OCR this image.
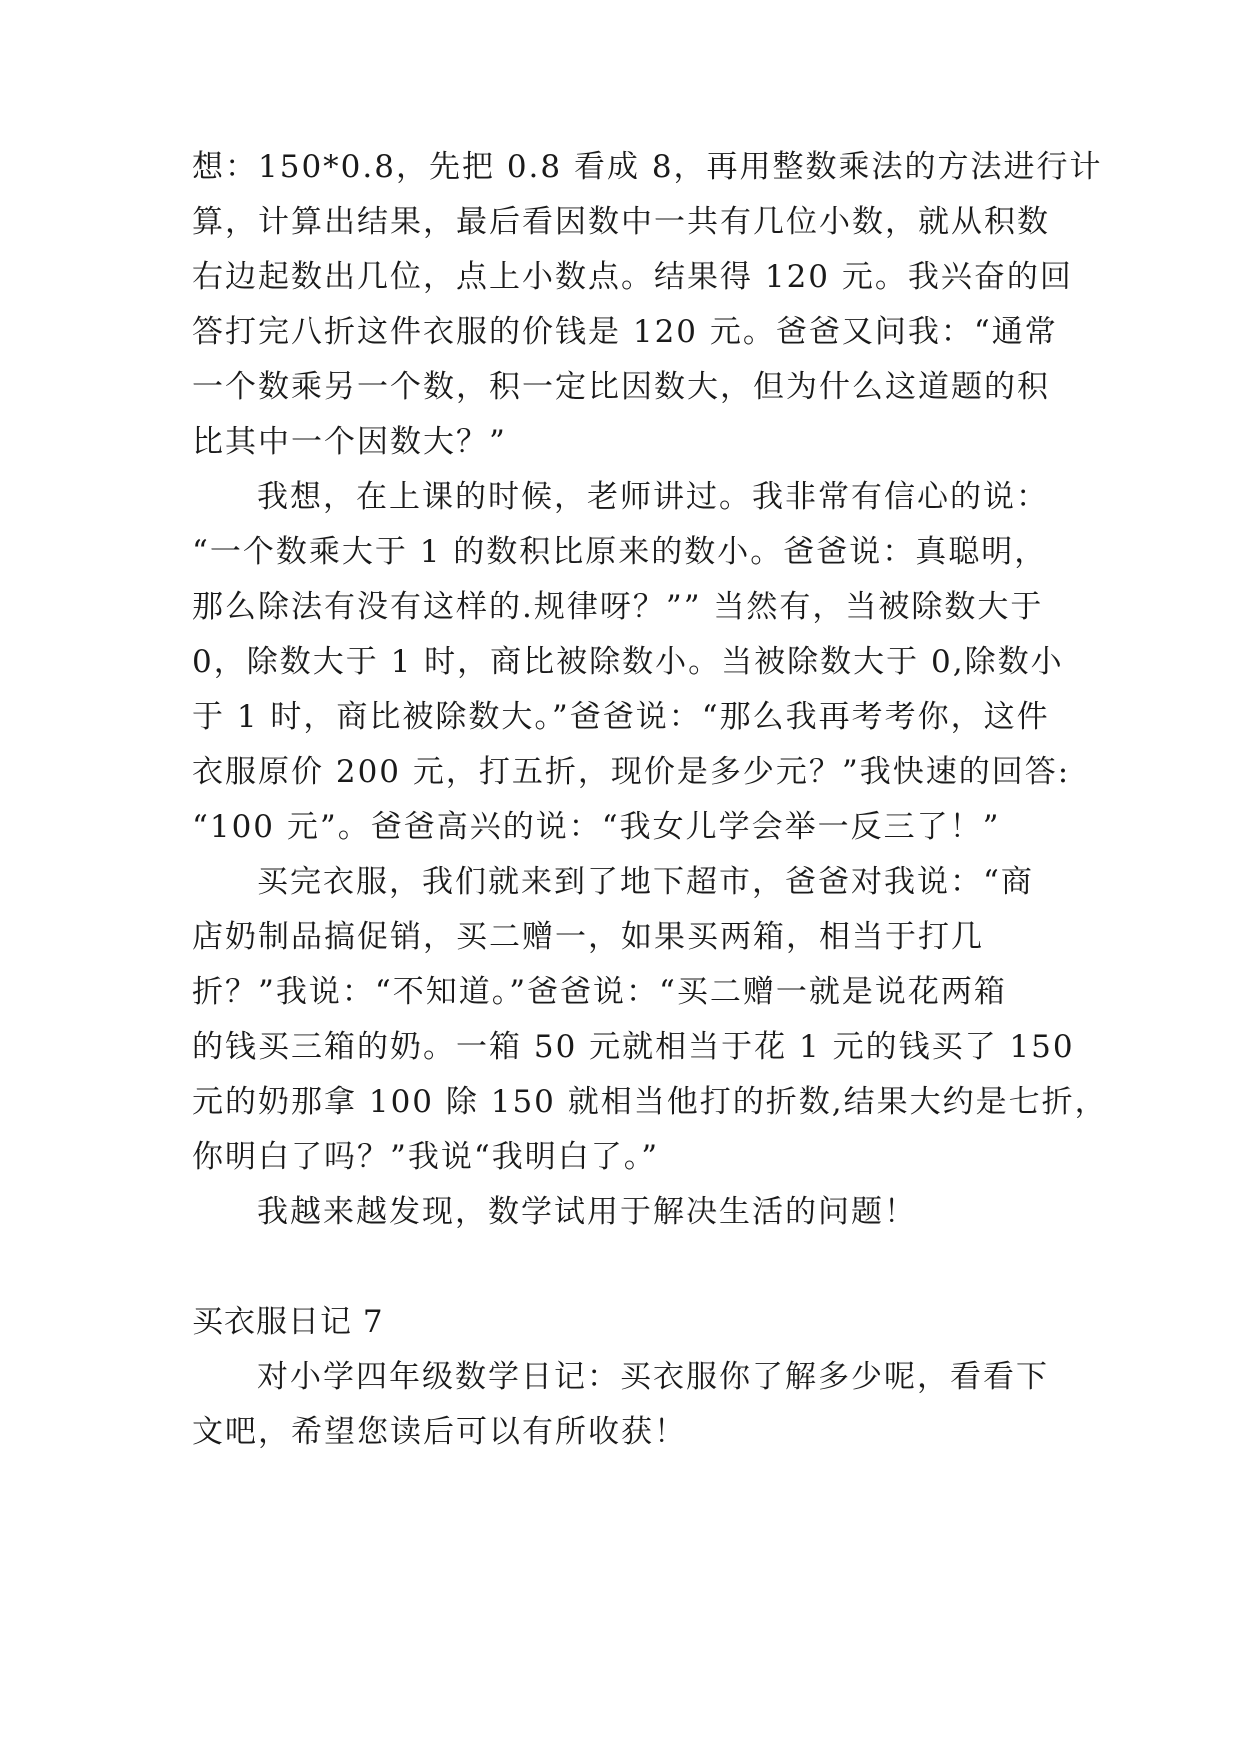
想：150*0.8，先把 0.8 看成 8，再用整数乘法的方法进行计
算，计算出结果，最后看因数中一共有几位小数，就从积数
右边起数出几位，点上小数点。结果得 120 元。我兴奋的回
答打完八折这件衣服的价钱是 120 元。爸爸又问我：“通常
一个数乘另一个数，积一定比因数大，但为什么这道题的积
比其中一个因数大？”
我想，在上课的时候，老师讲过。我非常有信心的说：
“一个数乘大于 1 的数积比原来的数小。爸爸说：真聪明，
那么除法有没有这样的.规律呀？”” 当然有，当被除数大于
0，除数大于 1 时，商比被除数小。当被除数大于 0,除数小
于 1 时，商比被除数大。”爸爸说：“那么我再考考你，这件
衣服原价 200 元，打五折，现价是多少元？”我快速的回答:
“100 元”。爸爸高兴的说：“我女儿学会举一反三了！”
买完衣服，我们就来到了地下超市，爸爸对我说：“商
店奶制品搞促销，买二赠一，如果买两箱，相当于打几
折？”我说：“不知道。”爸爸说：“买二赠一就是说花两箱
的钱买三箱的奶。一箱 50 元就相当于花 1 元的钱买了 150
元的奶那拿 100 除 150 就相当他打的折数,结果大约是七折，
你明白了吗？”我说“我明白了。”
我越来越发现，数学试用于解决生活的问题！
买衣服日记 7
对小学四年级数学日记：买衣服你了解多少呢，看看下
文吧，希望您读后可以有所收获！
